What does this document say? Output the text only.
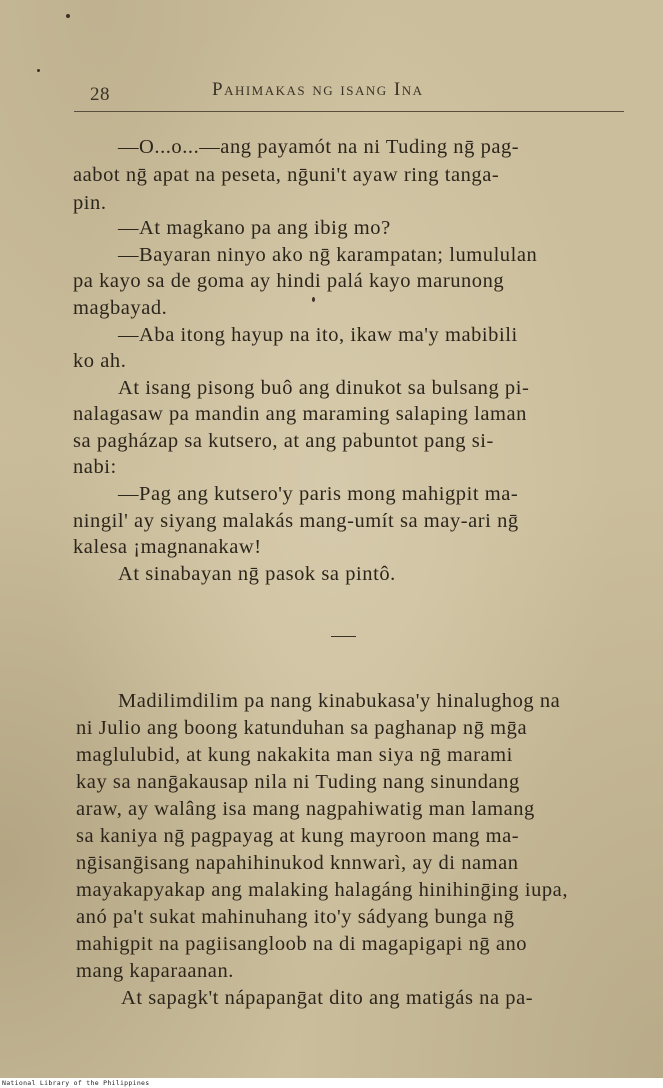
28	Pahimakas ng isang Ina
—O...o...—ang payamót na ni Tuding nḡ pag-
aabot nḡ apat na peseta, nḡuni't ayaw ring tanga-
pin.
—At magkano pa ang ibig mo?
—Bayaran ninyo ako nḡ karampatan; lumululan
pa kayo sa de goma ay hindi palá kayo marunong
magbayad.
—Aba itong hayup na ito, ikaw ma'y mabibili
ko ah.
At isang pisong buô ang dinukot sa bulsang pi-
nalagasaw pa mandin ang maraming salaping laman
sa pagházap sa kutsero, at ang pabuntot pang si-
nabi:
—Pag ang kutsero'y paris mong mahigpit ma-
ningil' ay siyang malakás mang-umít sa may-ari nḡ
kalesa ¡magnanakaw!
At sinabayan nḡ pasok sa pintô.
Madilimdilim pa nang kinabukasa'y hinalughog na
ni Julio ang boong katunduhan sa paghanap nḡ mḡa
maglulubid, at kung nakakita man siya nḡ marami
kay sa nanḡakausap nila ni Tuding nang sinundang
araw, ay walâng isa mang nagpahiwatig man lamang
sa kaniya nḡ pagpayag at kung mayroon mang ma-
nḡisanḡisang napahihinukod knnwarì, ay di naman
mayakapyakap ang malaking halagáng hinihinḡing iupa,
anó pa't sukat mahinuhang ito'y sádyang bunga nḡ
mahigpit na pagiisangloob na di magapigapi nḡ ano
mang kaparaanan.
At sapagk't nápapanḡat dito ang matigás na pa-
National Library of the Philippines
